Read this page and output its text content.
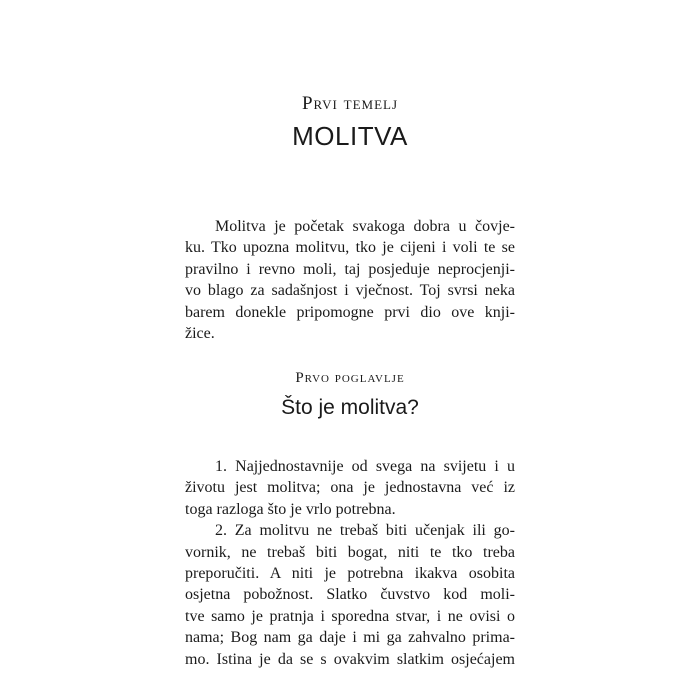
Prvi temelj
MOLITVA
Molitva je početak svakoga dobra u čovje-
ku. Tko upozna molitvu, tko je cijeni i voli te se
pravilno i revno moli, taj posjeduje neprocjenji-
vo blago za sadašnjost i vječnost. Toj svrsi neka
barem donekle pripomogne prvi dio ove knji-
žice.
Prvo poglavlje
Što je molitva?
1. Najjednostavnije od svega na svijetu i u
životu jest molitva; ona je jednostavna već iz
toga razloga što je vrlo potrebna.
2. Za molitvu ne trebaš biti učenjak ili go-
vornik, ne trebaš biti bogat, niti te tko treba
preporučiti. A niti je potrebna ikakva osobita
osjetna pobožnost. Slatko čuvstvo kod moli-
tve samo je pratnja i sporedna stvar, i ne ovisi o
nama; Bog nam ga daje i mi ga zahvalno prima-
mo. Istina je da se s ovakvim slatkim osjećajem
